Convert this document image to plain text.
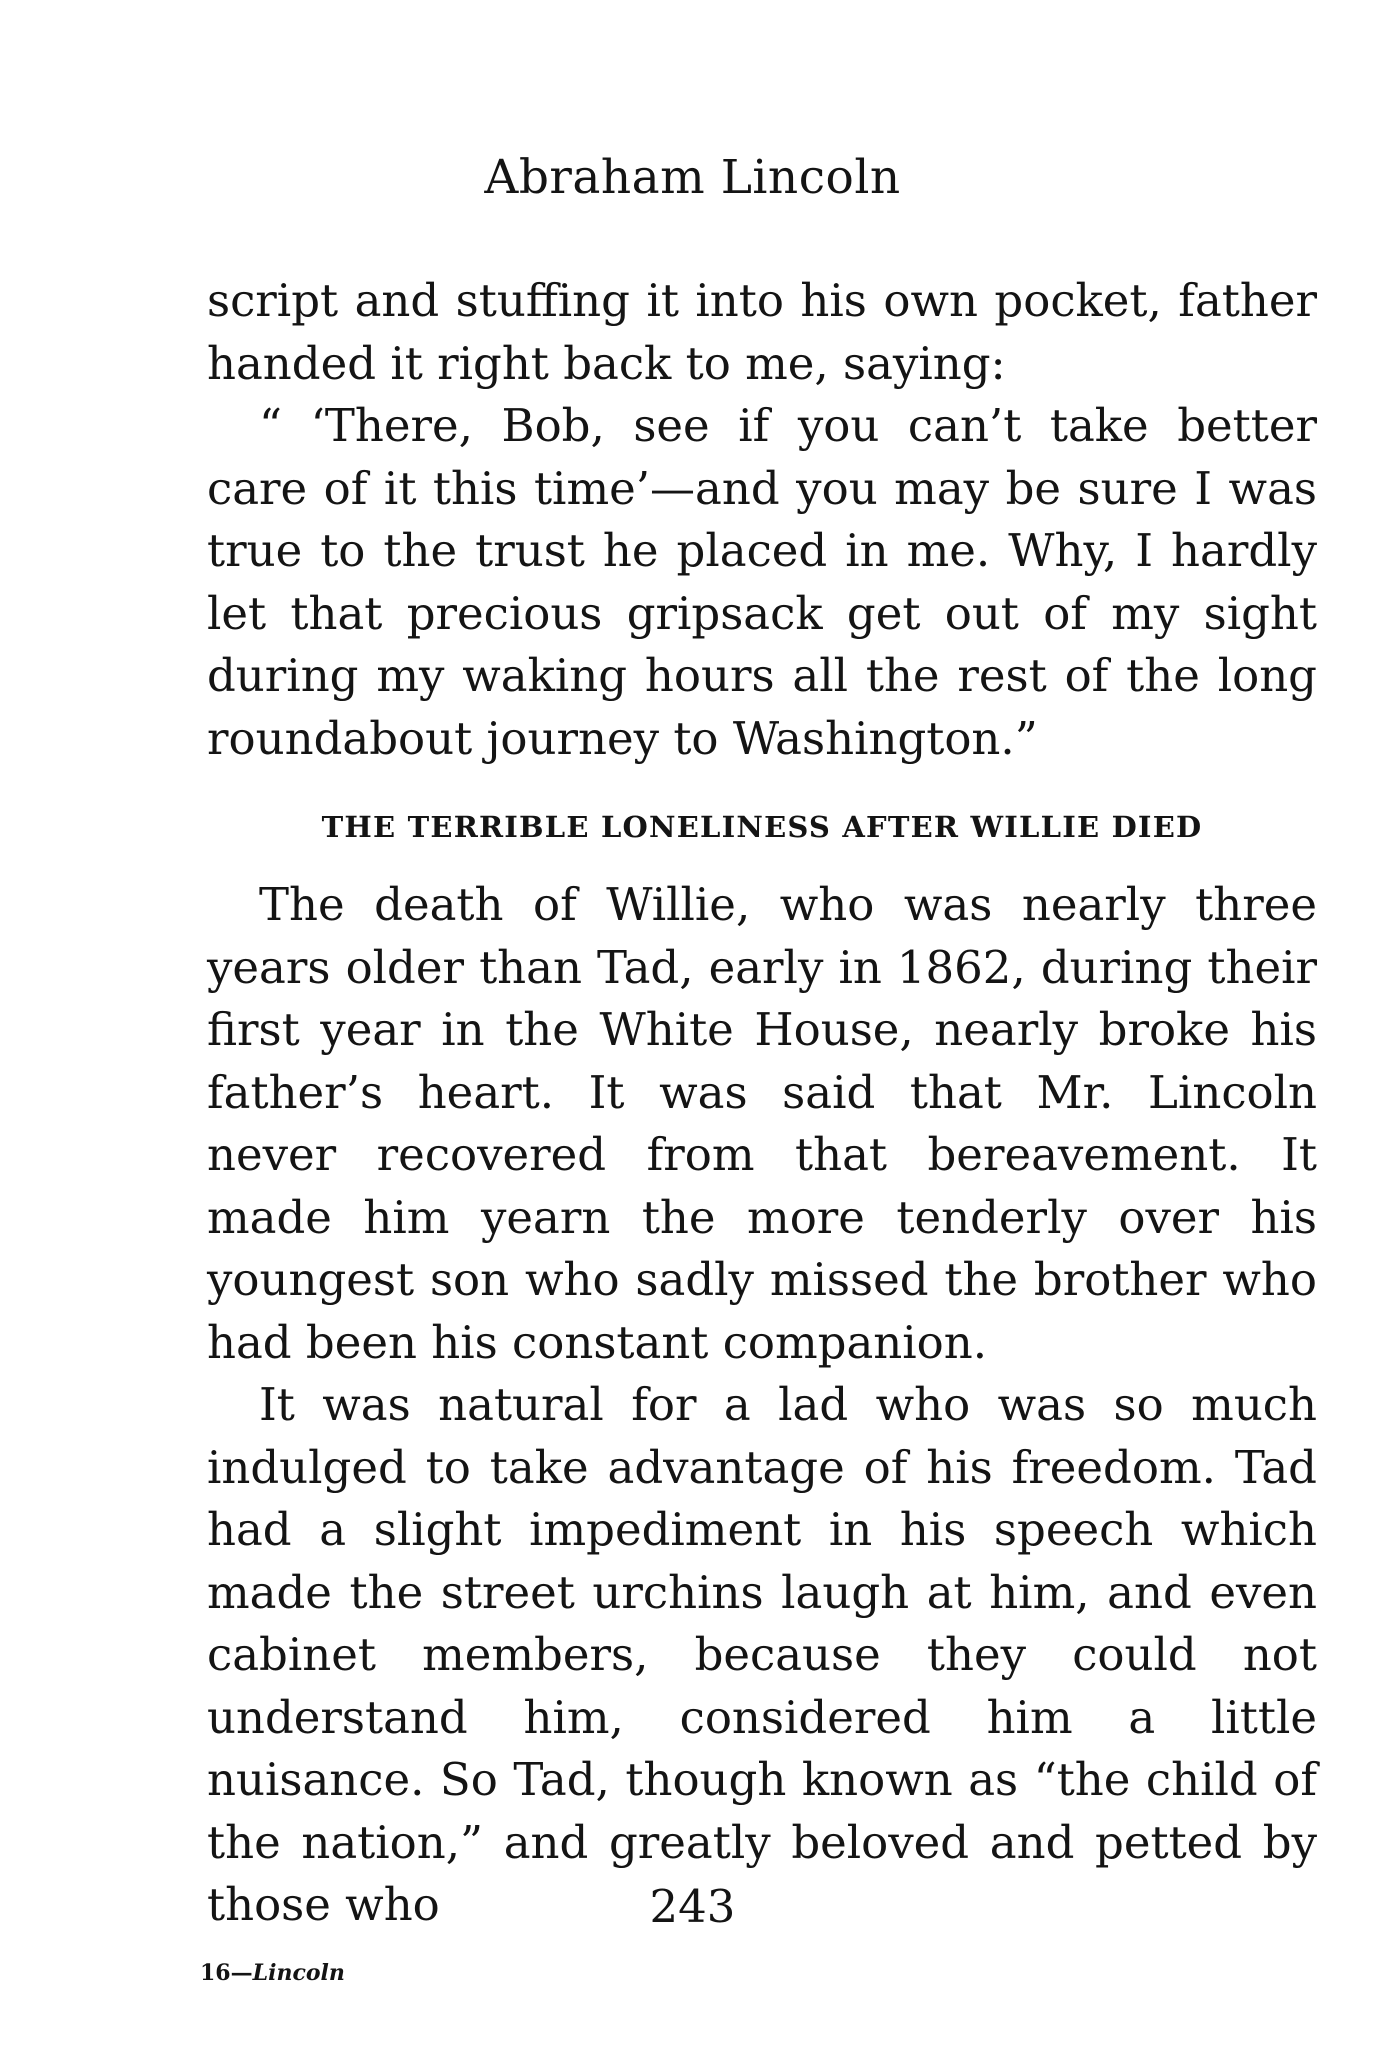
Abraham Lincoln

script and stuffing it into his own pocket, father handed it right back to me, saying:

“ ‘There, Bob, see if you can’t take better care of it this time’—and you may be sure I was true to the trust he placed in me. Why, I hardly let that precious gripsack get out of my sight during my waking hours all the rest of the long roundabout journey to Washington.”

THE TERRIBLE LONELINESS AFTER WILLIE DIED

The death of Willie, who was nearly three years older than Tad, early in 1862, during their first year in the White House, nearly broke his father’s heart. It was said that Mr. Lincoln never recovered from that bereavement. It made him yearn the more tenderly over his youngest son who sadly missed the brother who had been his constant companion.

It was natural for a lad who was so much indulged to take advantage of his freedom. Tad had a slight impediment in his speech which made the street urchins laugh at him, and even cabinet members, because they could not understand him, considered him a little nuisance. So Tad, though known as “the child of the nation,” and greatly beloved and petted by those who	243
16—Lincoln
